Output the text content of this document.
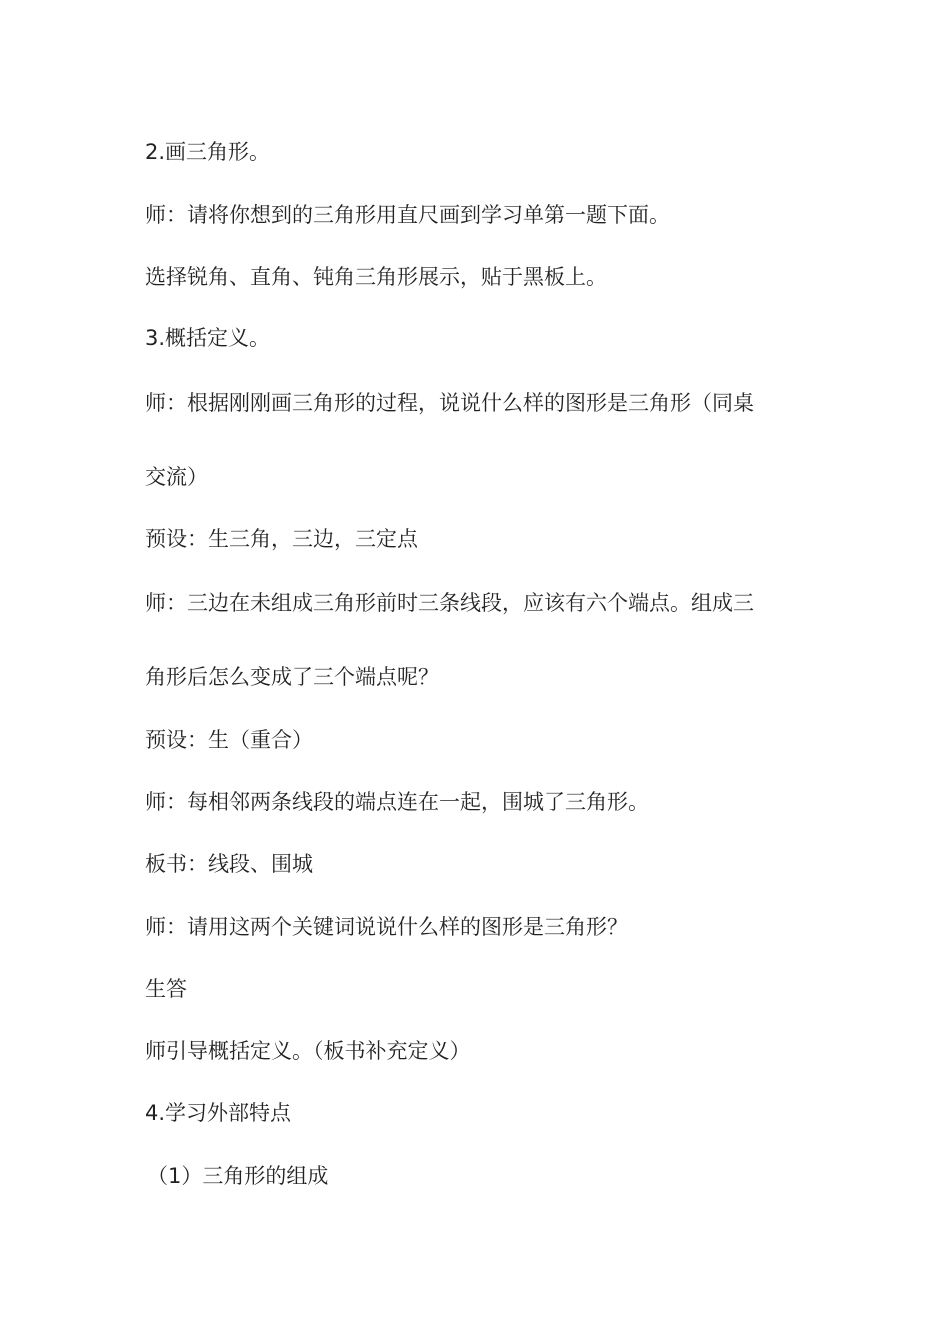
2.画三角形。

师：请将你想到的三角形用直尺画到学习单第一题下面。

选择锐角、直角、钝角三角形展示，贴于黑板上。

3.概括定义。

师：根据刚刚画三角形的过程，说说什么样的图形是三角形（同桌

交流）

预设：生三角，三边，三定点

师：三边在未组成三角形前时三条线段，应该有六个端点。组成三

角形后怎么变成了三个端点呢？

预设：生（重合）

师：每相邻两条线段的端点连在一起，围城了三角形。

板书：线段、围城

师：请用这两个关键词说说什么样的图形是三角形？

生答

师引导概括定义。（板书补充定义）

4.学习外部特点

（1）三角形的组成
